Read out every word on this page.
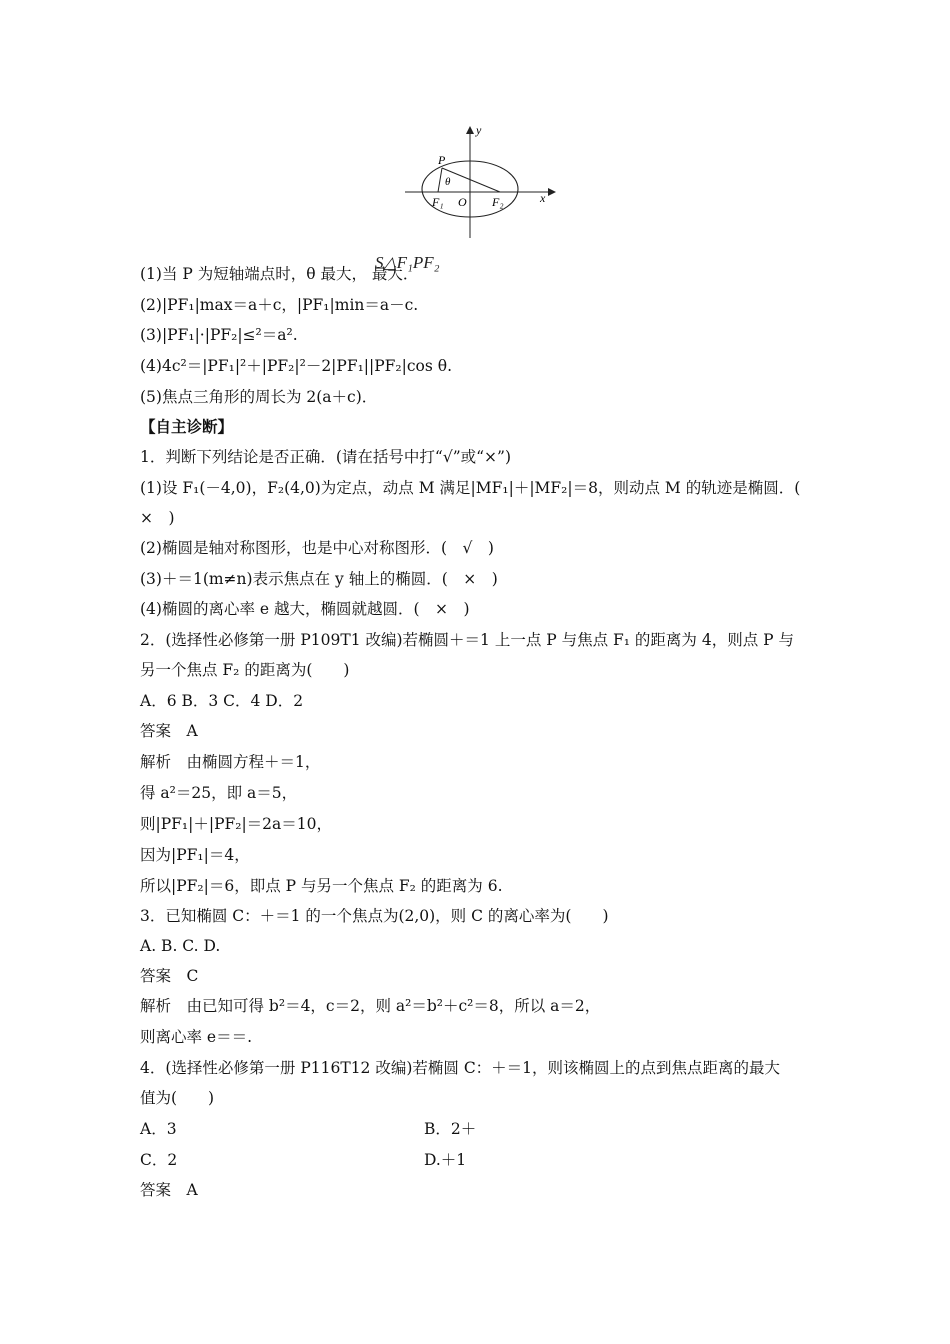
y
x
P
θ
F₁ O F₂
S△F₁PF₂
(1)当 P 为短轴端点时，θ 最大， 最大．
(2)|PF₁|max＝a＋c，|PF₁|min＝a－c.
(3)|PF₁|·|PF₂|≤²＝a².
(4)4c²＝|PF₁|²＋|PF₂|²－2|PF₁||PF₂|cos θ.
(5)焦点三角形的周长为 2(a＋c)．
【自主诊断】
1．判断下列结论是否正确．(请在括号中打“√”或“×”)
(1)设 F₁(－4,0)，F₂(4,0)为定点，动点 M 满足|MF₁|＋|MF₂|＝8，则动点 M 的轨迹是椭圆．(
×　)
(2)椭圆是轴对称图形，也是中心对称图形．(　√　)
(3)＋＝1(m≠n)表示焦点在 y 轴上的椭圆．(　×　)
(4)椭圆的离心率 e 越大，椭圆就越圆．(　×　)
2．(选择性必修第一册 P109T1 改编)若椭圆＋＝1 上一点 P 与焦点 F₁ 的距离为 4，则点 P 与
另一个焦点 F₂ 的距离为(　　)
A．6 B．3 C．4 D．2
答案　A
解析　由椭圆方程＋＝1，
得 a²＝25，即 a＝5，
则|PF₁|＋|PF₂|＝2a＝10，
因为|PF₁|＝4，
所以|PF₂|＝6，即点 P 与另一个焦点 F₂ 的距离为 6.
3．已知椭圆 C：＋＝1 的一个焦点为(2,0)，则 C 的离心率为(　　)
A. B. C. D.
答案　C
解析　由已知可得 b²＝4，c＝2，则 a²＝b²＋c²＝8，所以 a＝2，
则离心率 e＝＝.
4．(选择性必修第一册 P116T12 改编)若椭圆 C：＋＝1，则该椭圆上的点到焦点距离的最大
值为(　　)
A．3	B．2＋
C．2	D.＋1
答案　A
